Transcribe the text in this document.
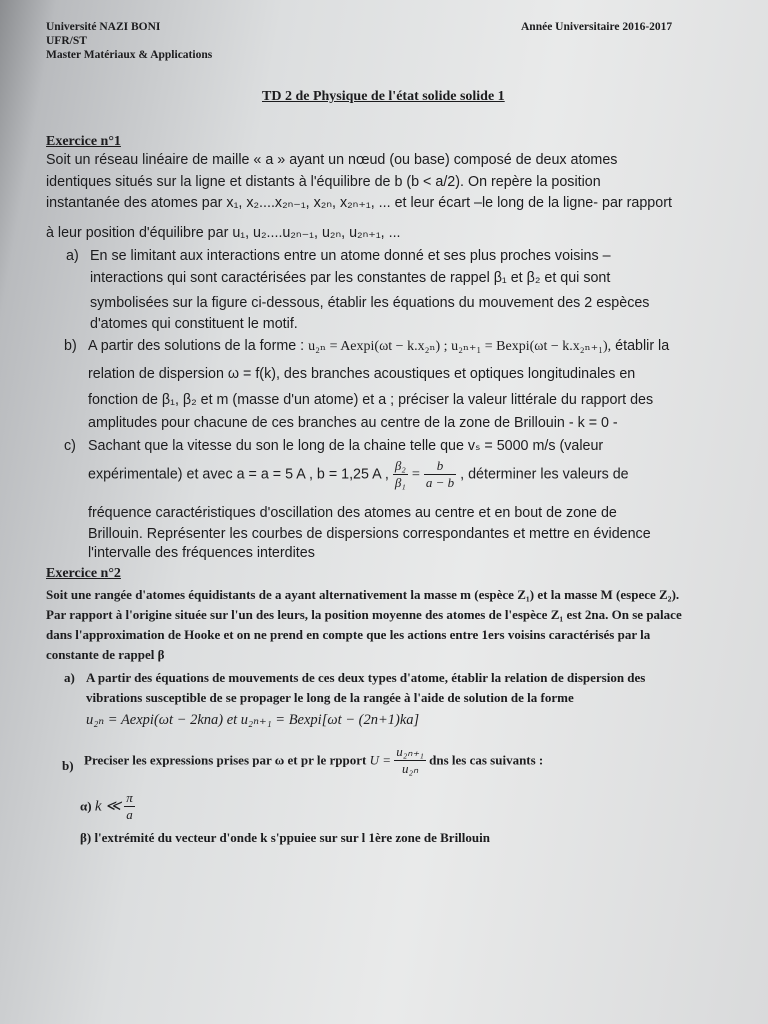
Université NAZI BONI
UFR/ST
Master Matériaux & Applications
Année Universitaire 2016-2017
TD 2 de Physique de l'état solide solide 1
Exercice n°1
Soit un réseau linéaire de maille « a » ayant un nœud (ou base) composé de deux atomes
identiques situés sur la ligne et distants à l'équilibre de b (b < a/2). On repère la position
instantanée des atomes par x₁, x₂....x₂ₙ₋₁, x₂ₙ, x₂ₙ₊₁, ... et leur écart –le long de la ligne- par rapport
à leur position d'équilibre par u₁, u₂....u₂ₙ₋₁, u₂ₙ, u₂ₙ₊₁, ...
a) En se limitant aux interactions entre un atome donné et ses plus proches voisins –
interactions qui sont caractérisées par les constantes de rappel β₁ et β₂ et qui sont
symbolisées sur la figure ci-dessous, établir les équations du mouvement des 2 espèces
d'atomes qui constituent le motif.
b) A partir des solutions de la forme : u₂ₙ = Aexpi(ωt − k.x₂ₙ) ; u₂ₙ₊₁ = Bexpi(ωt − k.x₂ₙ₊₁), établir la
relation de dispersion ω = f(k), des branches acoustiques et optiques longitudinales en
fonction de β₁, β₂ et m (masse d'un atome) et a ; préciser la valeur littérale du rapport des
amplitudes pour chacune de ces branches au centre de la zone de Brillouin - k = 0 -
c) Sachant que la vitesse du son le long de la chaine telle que vₛ = 5000 m/s (valeur
expérimentale) et avec a = a = 5 A , b = 1,25 A , $\frac{\text{β₂}}{\text{β₁}} = \frac{b}{a - b}$ , déterminer les valeurs de
fréquence caractéristiques d'oscillation des atomes au centre et en bout de zone de
Brillouin. Représenter les courbes de dispersions correspondantes et mettre en évidence
l'intervalle des fréquences interdites
Exercice n°2
Soit une rangée d'atomes équidistants de a ayant alternativement la masse m (espèce Z₁) et la masse M (espece Z₂).
Par rapport à l'origine située sur l'un des leurs, la position moyenne des atomes de l'espèce Z₁ est 2na. On se palace
dans l'approximation de Hooke et on ne prend en compte que les actions entre 1ers voisins caractérisés par la
constante de rappel β
a) A partir des équations de mouvements de ces deux types d'atome, établir la relation de dispersion des
vibrations susceptible de se propager le long de la rangée à l'aide de solution de la forme
u₂ₙ = Aexpi(ωt − 2kna) et u₂ₙ₊₁ = Bexpi[ωt − (2n+1)ka]
b) Preciser les expressions prises par ω et pr le rpport $U = \frac{\text{u₂ₙ₊₁}}{\text{u₂ₙ}}$ dns les cas suivants :
α) k ≪ $\frac{\pi}{a}$
β) l'extrémité du vecteur d'onde k s'ppuiee sur sur l 1ère zone de Brillouin
